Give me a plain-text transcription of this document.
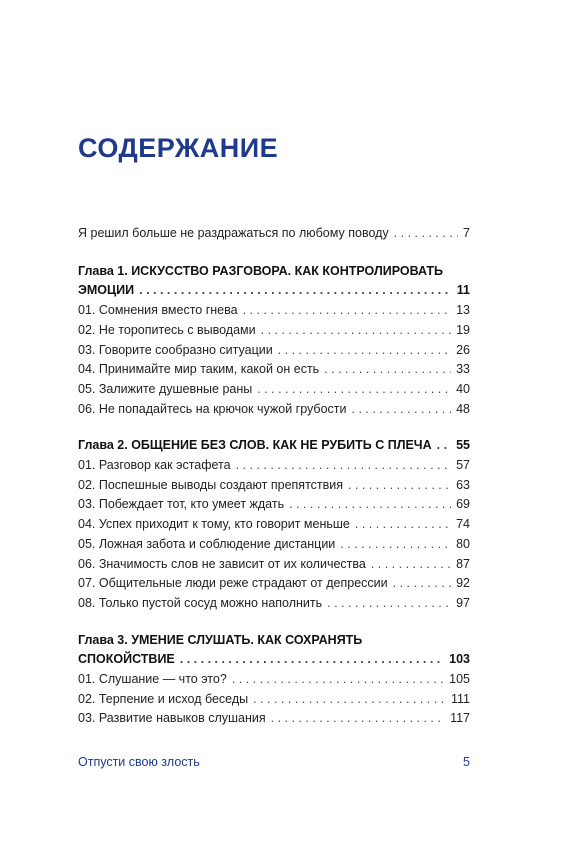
СОДЕРЖАНИЕ
Я решил больше не раздражаться по любому поводу . . .	7
Глава 1. ИСКУССТВО РАЗГОВОРА. КАК КОНТРОЛИРОВАТЬ
ЭМОЦИИ . . .	11
01. Сомнения вместо гнева . . .	13
02. Не торопитесь с выводами . . .	19
03. Говорите сообразно ситуации . . .	26
04. Принимайте мир таким, какой он есть . . .	33
05. Залижите душевные раны . . .	40
06. Не попадайтесь на крючок чужой грубости . . .	48
Глава 2. ОБЩЕНИЕ БЕЗ СЛОВ. КАК НЕ РУБИТЬ С ПЛЕЧА . . . 55
01. Разговор как эстафета . . .	57
02. Поспешные выводы создают препятствия . . .	63
03. Побеждает тот, кто умеет ждать . . .	69
04. Успех приходит к тому, кто говорит меньше . . .	74
05. Ложная забота и соблюдение дистанции . . .	80
06. Значимость слов не зависит от их количества . . .	87
07. Общительные люди реже страдают от депрессии . . .	92
08. Только пустой сосуд можно наполнить . . .	97
Глава 3. УМЕНИЕ СЛУШАТЬ. КАК СОХРАНЯТЬ
СПОКОЙСТВИЕ . . .	103
01. Слушание — что это? . . .	105
02. Терпение и исход беседы . . .	111
03. Развитие навыков слушания . . .	117
Отпусти свою злость	5
